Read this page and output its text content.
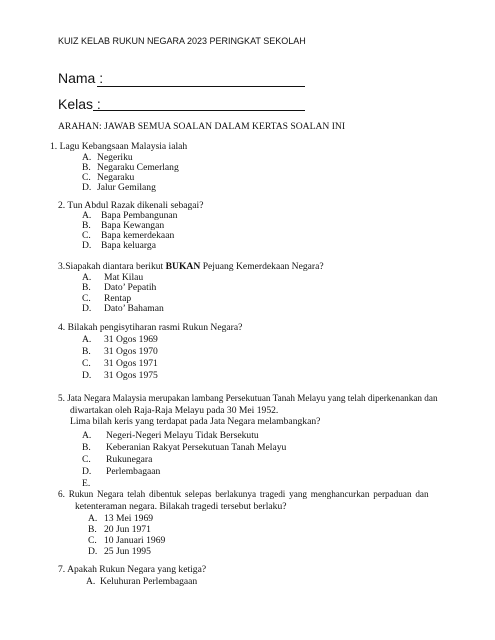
KUIZ KELAB RUKUN NEGARA 2023 PERINGKAT SEKOLAH
Nama :
Kelas :
ARAHAN: JAWAB SEMUA SOALAN DALAM KERTAS SOALAN INI
1. Lagu Kebangsaan Malaysia ialah
A. Negeriku
B. Negaraku Cemerlang
C. Negaraku
D. Jalur Gemilang
2. Tun Abdul Razak dikenali sebagai?
A. Bapa Pembangunan
B. Bapa Kewangan
C. Bapa kemerdekaan
D. Bapa keluarga
3.Siapakah diantara berikut BUKAN Pejuang Kemerdekaan Negara?
A. Mat Kilau
B. Dato’ Pepatih
C. Rentap
D. Dato’ Bahaman
4. Bilakah pengisytiharan rasmi Rukun Negara?
A. 31 Ogos 1969
B. 31 Ogos 1970
C. 31 Ogos 1971
D. 31 Ogos 1975
5. Jata Negara Malaysia merupakan lambang Persekutuan Tanah Melayu yang telah diperkenankan dan
diwartakan oleh Raja-Raja Melayu pada 30 Mei 1952.
Lima bilah keris yang terdapat pada Jata Negara melambangkan?
A. Negeri-Negeri Melayu Tidak Bersekutu
B. Keberanian Rakyat Persekutuan Tanah Melayu
C. Rukunegara
D. Perlembagaan
E.
6. Rukun Negara telah dibentuk selepas berlakunya tragedi yang menghancurkan perpaduan dan
ketenteraman negara. Bilakah tragedi tersebut berlaku?
A. 13 Mei 1969
B. 20 Jun 1971
C. 10 Januari 1969
D. 25 Jun 1995
7. Apakah Rukun Negara yang ketiga?
A. Keluhuran Perlembagaan
